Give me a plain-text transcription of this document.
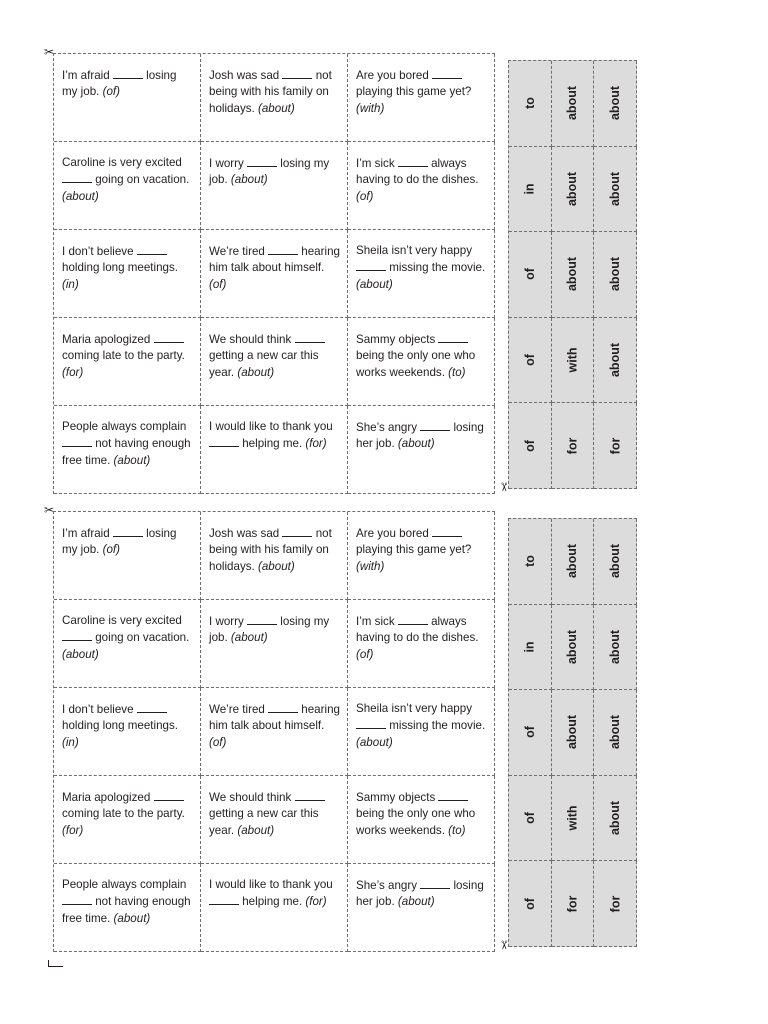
✂
I’m afraid	losing my job. (of)
Josh was sad	not being with his family on holidays. (about)
Are you bored  playing this game yet? (with)
Caroline is very excited  going on vacation. (about)
I worry	losing my job. (about)
I’m sick	always having to do the dishes. (of)
I don’t believe  holding long meetings. (in)
We’re tired	hearing him talk about himself. (of)
Sheila isn’t very happy  missing the movie. (about)
Maria apologized  coming late to the party. (for)
We should think  getting a new car this year. (about)
Sammy objects  being the only one who works weekends. (to)
People always complain  not having enough free time. (about)
I would like to thank you  helping me. (for)
She’s angry	losing her job. (about)
to about about
in about about
of about about
of with about
of for for
✂
✂
I’m afraid	losing my job. (of)
Josh was sad	not being with his family on holidays. (about)
Are you bored  playing this game yet? (with)
Caroline is very excited  going on vacation. (about)
I worry	losing my job. (about)
I’m sick	always having to do the dishes. (of)
I don’t believe  holding long meetings. (in)
We’re tired	hearing him talk about himself. (of)
Sheila isn’t very happy  missing the movie. (about)
Maria apologized  coming late to the party. (for)
We should think  getting a new car this year. (about)
Sammy objects  being the only one who works weekends. (to)
People always complain  not having enough free time. (about)
I would like to thank you  helping me. (for)
She’s angry	losing her job. (about)
to about about
in about about
of about about
of with about
of for for
✂
